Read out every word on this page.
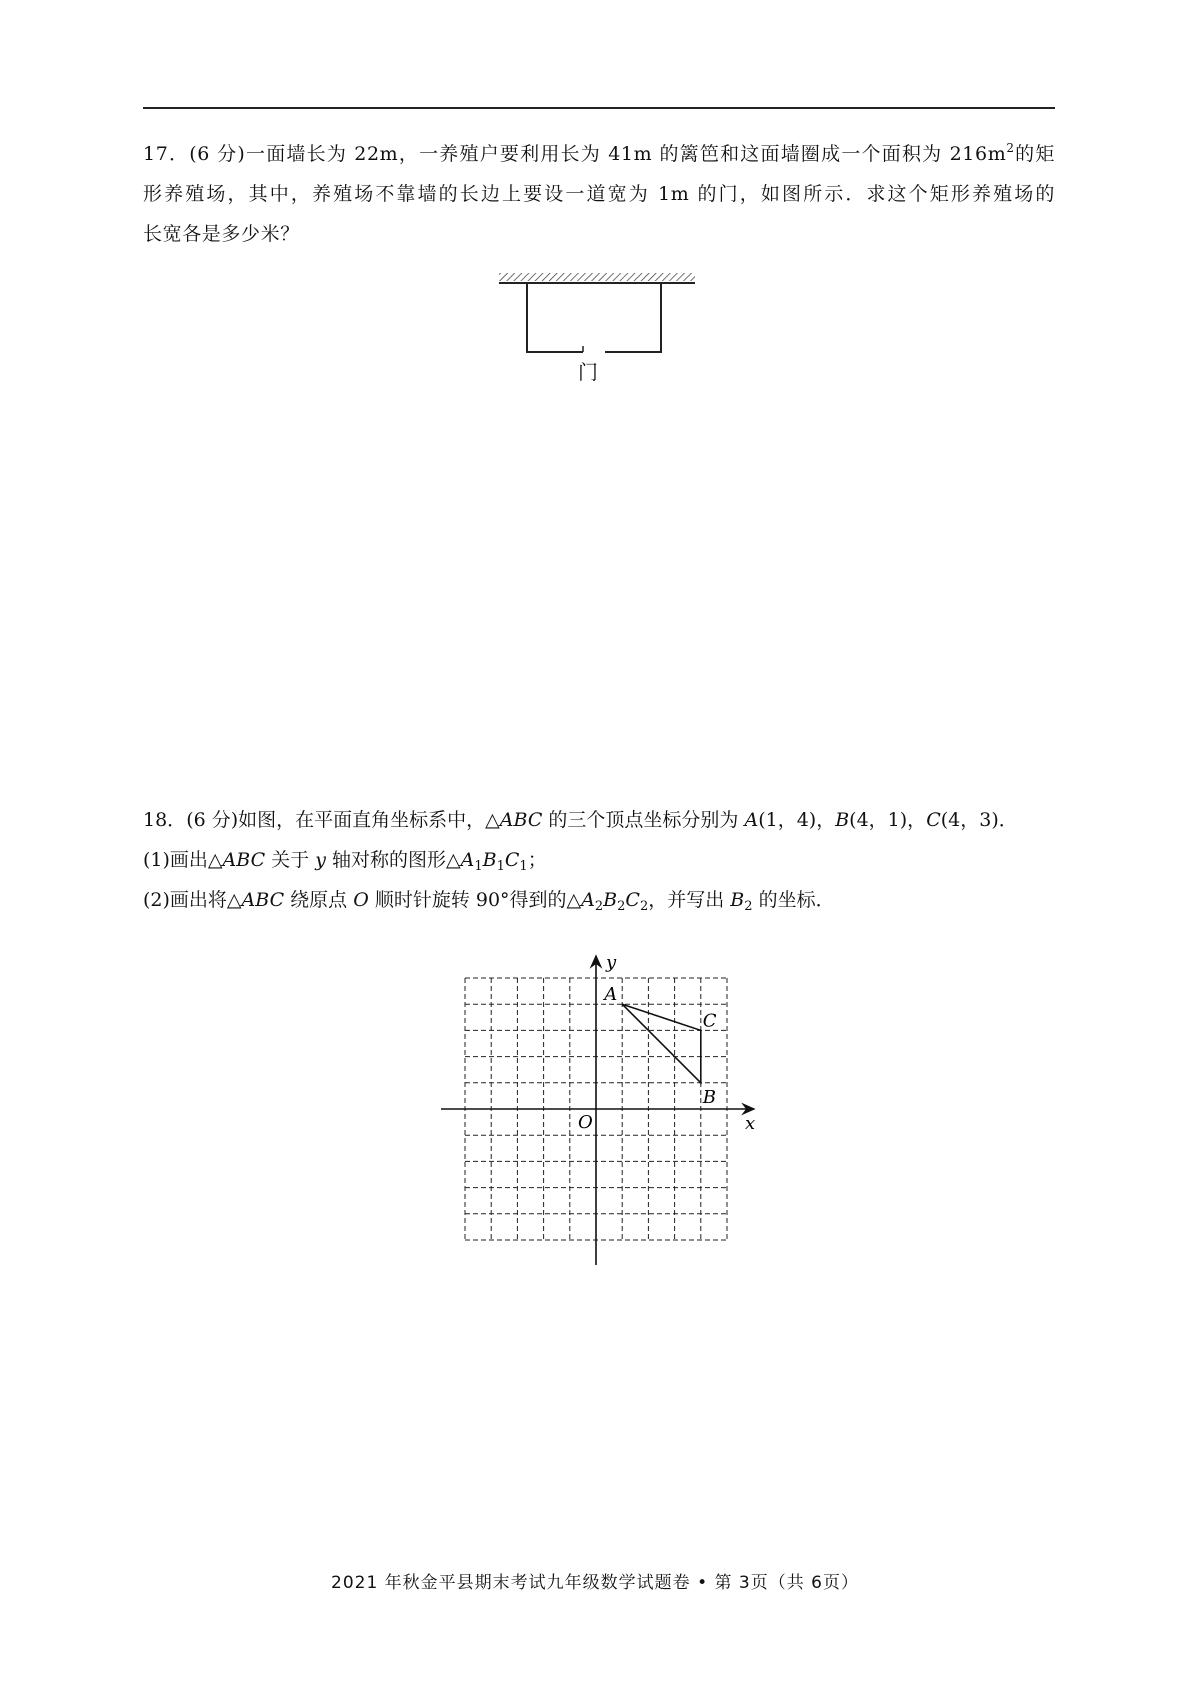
17．(6 分)一面墙长为 22m，一养殖户要利用长为 41m 的篱笆和这面墙圈成一个面积为 $216m^2$的矩
形养殖场，其中，养殖场不靠墙的长边上要设一道宽为 1m 的门，如图所示．求这个矩形养殖场的
长宽各是多少米？
门
18．(6 分)如图，在平面直角坐标系中，△ABC 的三个顶点坐标分别为 A(1，4)，B(4，1)，C(4，3)．
(1)画出△ABC 关于 y 轴对称的图形$\triangle A_1B_1C_1$；
(2)画出将△ABC 绕原点 O 顺时针旋转 90°得到的$\triangle A_2B_2C_2$，并写出 $B_2$ 的坐标．
x
y
O
A
B
C
2021 年秋金平县期末考试九年级数学试题卷 • 第 3页（共 6页）
